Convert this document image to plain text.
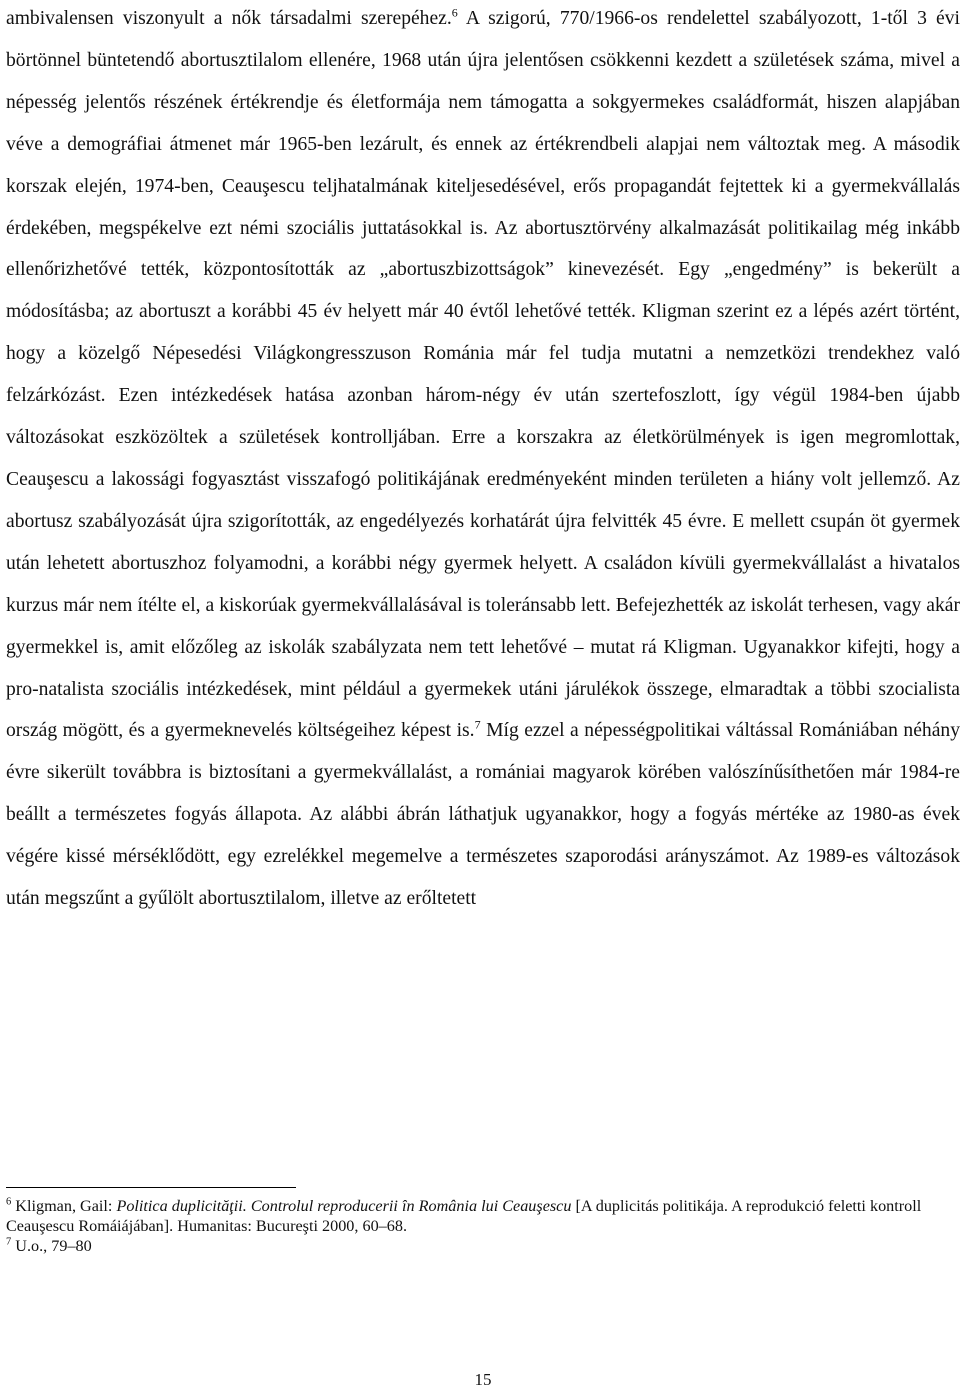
ambivalensen viszonyult a nők társadalmi szerepéhez.$^6$ A szigorú, 770/1966-os rendelettel szabályozott, 1-től 3 évi börtönnel büntetendő abortusztilalom ellenére, 1968 után újra jelentősen csökkenni kezdett a születések száma, mivel a népesség jelentős részének értékrendje és életformája nem támogatta a sokgyermekes családformát, hiszen alapjában véve a demográfiai átmenet már 1965-ben lezárult, és ennek az értékrendbeli alapjai nem változtak meg. A második korszak elején, 1974-ben, Ceauşescu teljhatalmának kiteljesedésével, erős propagandát fejtettek ki a gyermekvállalás érdekében, megspékelve ezt némi szociális juttatásokkal is. Az abortusztörvény alkalmazását politikailag még inkább ellenőrizhetővé tették, központosították az „abortuszbizottságok” kinevezését. Egy „engedmény” is bekerült a módosításba; az abortuszt a korábbi 45 év helyett már 40 évtől lehetővé tették. Kligman szerint ez a lépés azért történt, hogy a közelgő Népesedési Világkongresszuson Románia már fel tudja mutatni a nemzetközi trendekhez való felzárkózást. Ezen intézkedések hatása azonban három-négy év után szertefoszlott, így végül 1984-ben újabb változásokat eszközöltek a születések kontrolljában. Erre a korszakra az életkörülmények is igen megromlottak, Ceauşescu a lakossági fogyasztást visszafogó politikájának eredményeként minden területen a hiány volt jellemző. Az abortusz szabályozását újra szigorították, az engedélyezés korhatárát újra felvitték 45 évre. E mellett csupán öt gyermek után lehetett abortuszhoz folyamodni, a korábbi négy gyermek helyett. A családon kívüli gyermekvállalást a hivatalos kurzus már nem ítélte el, a kiskorúak gyermekvállalásával is toleránsabb lett. Befejezhették az iskolát terhesen, vagy akár gyermekkel is, amit előzőleg az iskolák szabályzata nem tett lehetővé – mutat rá Kligman. Ugyanakkor kifejti, hogy a pro-natalista szociális intézkedések, mint például a gyermekek utáni járulékok összege, elmaradtak a többi szocialista ország mögött, és a gyermeknevelés költségeihez képest is.$^7$ Míg ezzel a népességpolitikai váltással Romániában néhány évre sikerült továbbra is biztosítani a gyermekvállalást, a romániai magyarok körében valószínűsíthetően már 1984-re beállt a természetes fogyás állapota. Az alábbi ábrán láthatjuk ugyanakkor, hogy a fogyás mértéke az 1980-as évek végére kissé mérséklődött, egy ezrelékkel megemelve a természetes szaporodási arányszámot. Az 1989-es változások után megszűnt a gyűlölt abortusztilalom, illetve az erőltetett

$^6$ Kligman, Gail: Politica duplicităţii. Controlul reproducerii în România lui Ceauşescu [A duplicitás politikája. A reprodukció feletti kontroll Ceauşescu Romáiájában]. Humanitas: Bucureşti 2000, 60–68.

$^7$ U.o., 79–80

15
